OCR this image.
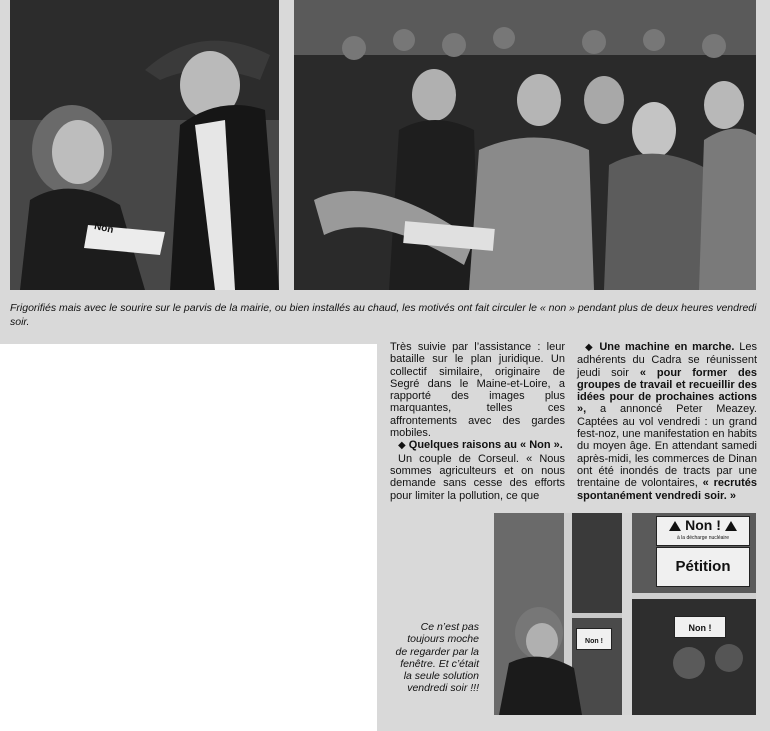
Non
Frigorifiés mais avec le sourire sur le parvis de la mairie, ou bien installés au chaud, les motivés ont fait circuler le « non » pendant plus de deux heures vendredi soir.

Très suivie par l’assistance : leur bataille sur le plan juridique. Un collectif similaire, originaire de Segré dans le Maine-et-Loire, a rapporté des images plus marquantes, telles ces affrontements avec des gardes mobiles.

◆ Quelques raisons au « Non ».

Un couple de Corseul. « Nous sommes agriculteurs et on nous demande sans cesse des efforts pour limiter la pollution, ce que

◆ Une machine en marche. Les adhérents du Cadra se réunissent jeudi soir « pour former des groupes de travail et recueillir des idées pour de prochaines actions », a annoncé Peter Meazey. Captées au vol vendredi : un grand fest-noz, une manifestation en habits du moyen âge. En attendant samedi après-midi, les commerces de Dinan ont été inondés de tracts par une trentaine de volontaires, « recrutés spontanément vendredi soir. »

Ce n’est pas toujours moche de regarder par la fenêtre. Et c’était la seule solution vendredi soir !!!
Non !
à la décharge nucléaire
Pétition
Non !
Non !
